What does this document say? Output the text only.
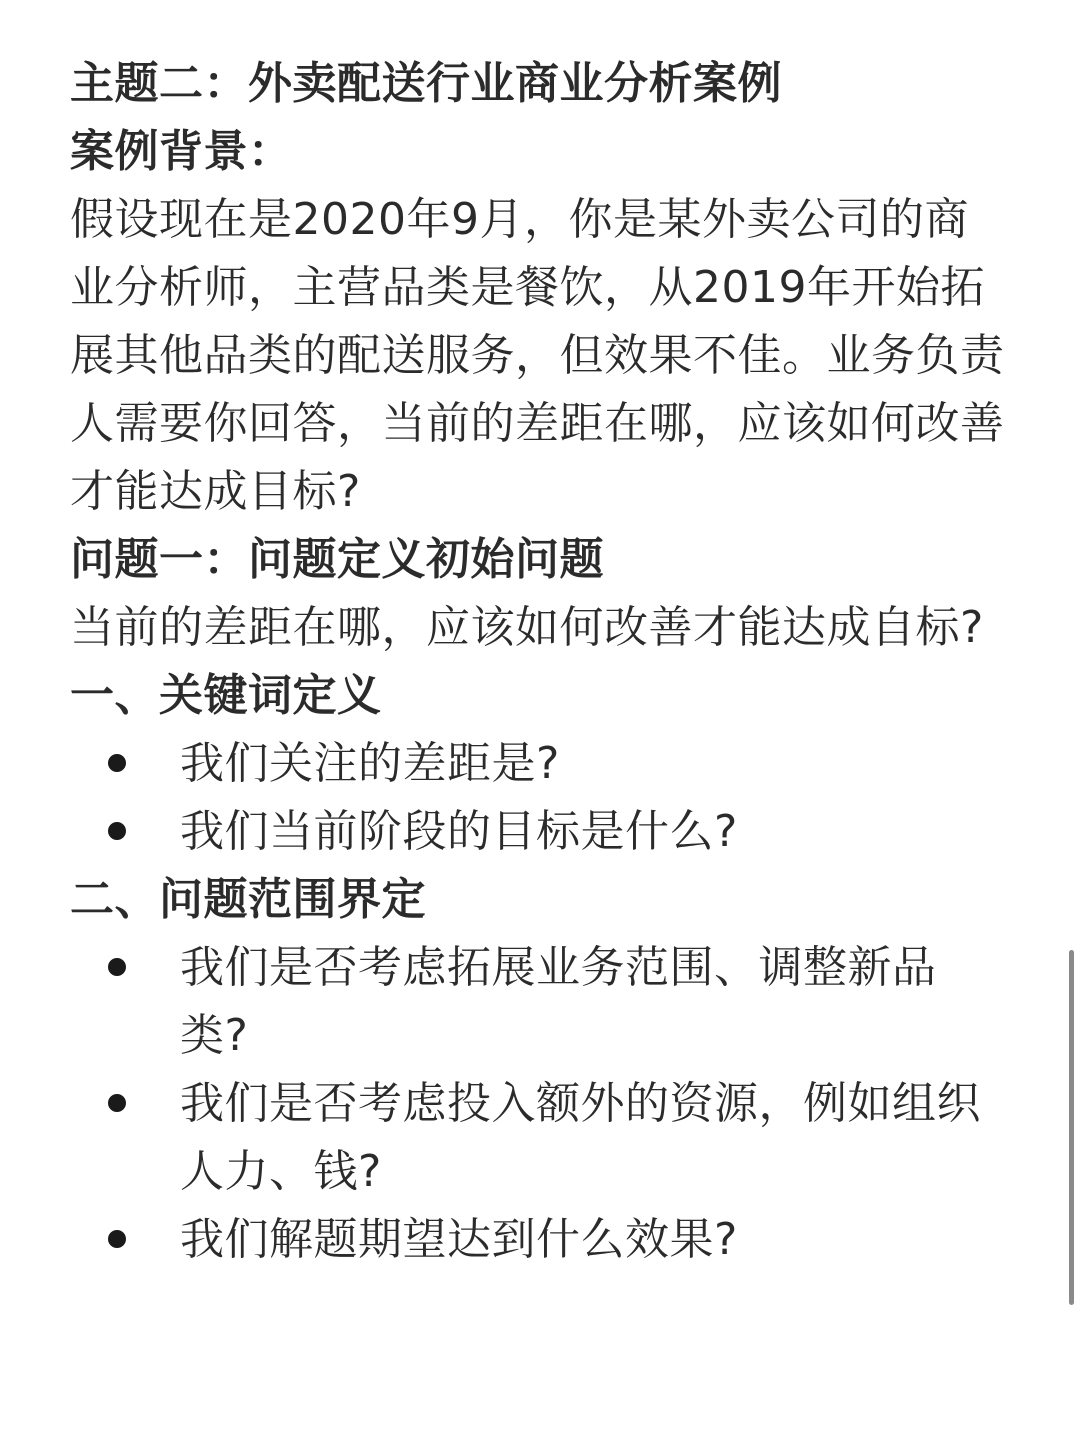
主题二：外卖配送行业商业分析案例
案例背景：
假设现在是2020年9月，你是某外卖公司的商业分析师，主营品类是餐饮，从2019年开始拓展其他品类的配送服务，但效果不佳。业务负责人需要你回答，当前的差距在哪，应该如何改善才能达成目标?
问题一：问题定义初始问题
当前的差距在哪，应该如何改善才能达成自标?
一、关键词定义
我们关注的差距是?
我们当前阶段的目标是什么?
二、问题范围界定
我们是否考虑拓展业务范围、调整新品类?
我们是否考虑投入额外的资源，例如组织人力、钱?
我们解题期望达到什么效果?
